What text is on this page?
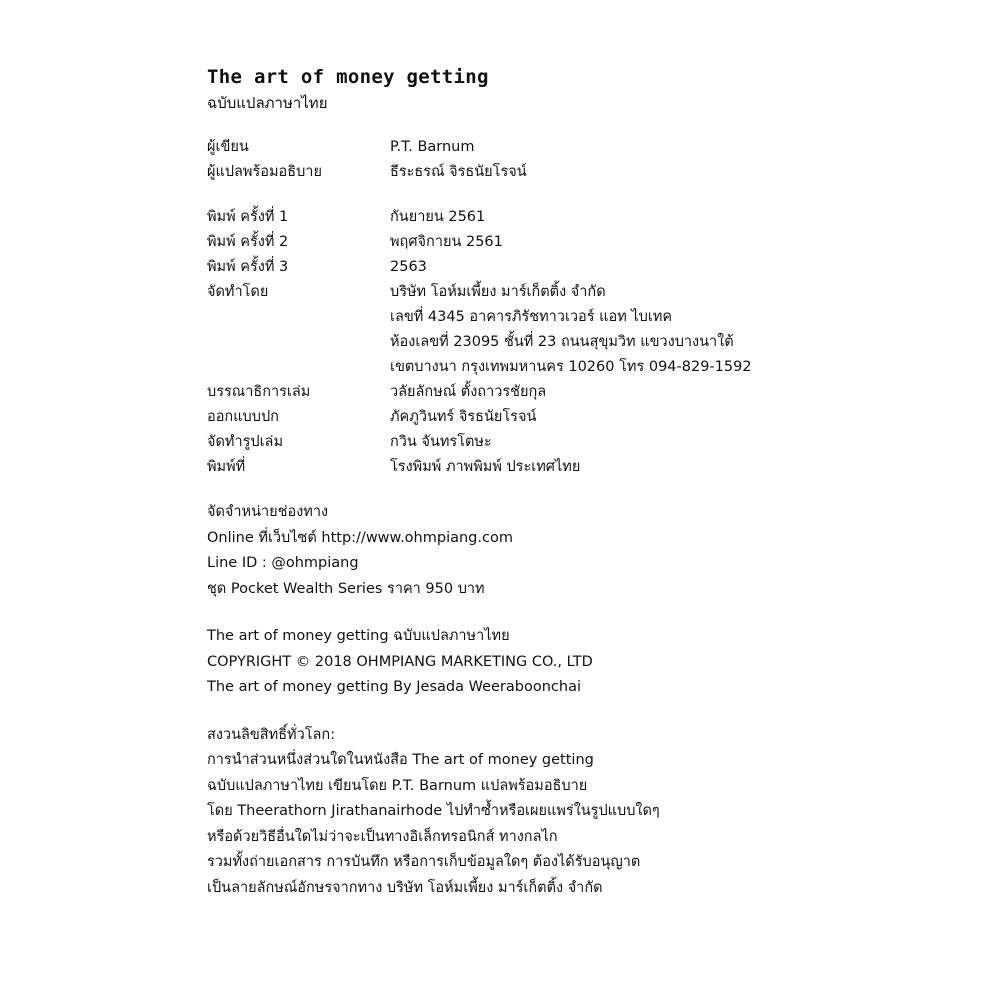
The art of money getting
ฉบับแปลภาษาไทย
ผู้เขียน	P.T. Barnum
ผู้แปลพร้อมอธิบาย	ธีระธรณ์ จิรธนัยโรจน์
พิมพ์ ครั้งที่ 1	กันยายน 2561
พิมพ์ ครั้งที่ 2	พฤศจิกายน 2561
พิมพ์ ครั้งที่ 3	2563
จัดทำโดย	บริษัท โอห์มเพี้ยง มาร์เก็ตติ้ง จำกัด
เลขที่ 4345 อาคารภิรัชทาวเวอร์ แอท ไบเทค
ห้องเลขที่ 23095 ชั้นที่ 23 ถนนสุขุมวิท แขวงบางนาใต้
เขตบางนา กรุงเทพมหานคร 10260 โทร 094-829-1592
บรรณาธิการเล่ม	วลัยลักษณ์ ตั้งถาวรชัยกุล
ออกแบบปก	ภัคภูวินทร์ จิรธนัยโรจน์
จัดทำรูปเล่ม	กวิน จันทรโตษะ
พิมพ์ที่	โรงพิมพ์ ภาพพิมพ์ ประเทศไทย
จัดจำหน่ายช่องทาง
Online ที่เว็บไซต์ http://www.ohmpiang.com
Line ID : @ohmpiang
ชุด Pocket Wealth Series ราคา 950 บาท
The art of money getting ฉบับแปลภาษาไทย
COPYRIGHT © 2018 OHMPIANG MARKETING CO., LTD
The art of money getting By Jesada Weeraboonchai
สงวนลิขสิทธิ์ทั่วโลก:
การนำส่วนหนึ่งส่วนใดในหนังสือ The art of money getting
ฉบับแปลภาษาไทย เขียนโดย P.T. Barnum แปลพร้อมอธิบาย
โดย Theerathorn Jirathanairhode ไปทำซ้ำหรือเผยแพร่ในรูปแบบใดๆ
หรือด้วยวิธีอื่นใดไม่ว่าจะเป็นทางอิเล็กทรอนิกส์ ทางกลไก
รวมทั้งถ่ายเอกสาร การบันทึก หรือการเก็บข้อมูลใดๆ ต้องได้รับอนุญาต
เป็นลายลักษณ์อักษรจากทาง บริษัท โอห์มเพี้ยง มาร์เก็ตติ้ง จำกัด
